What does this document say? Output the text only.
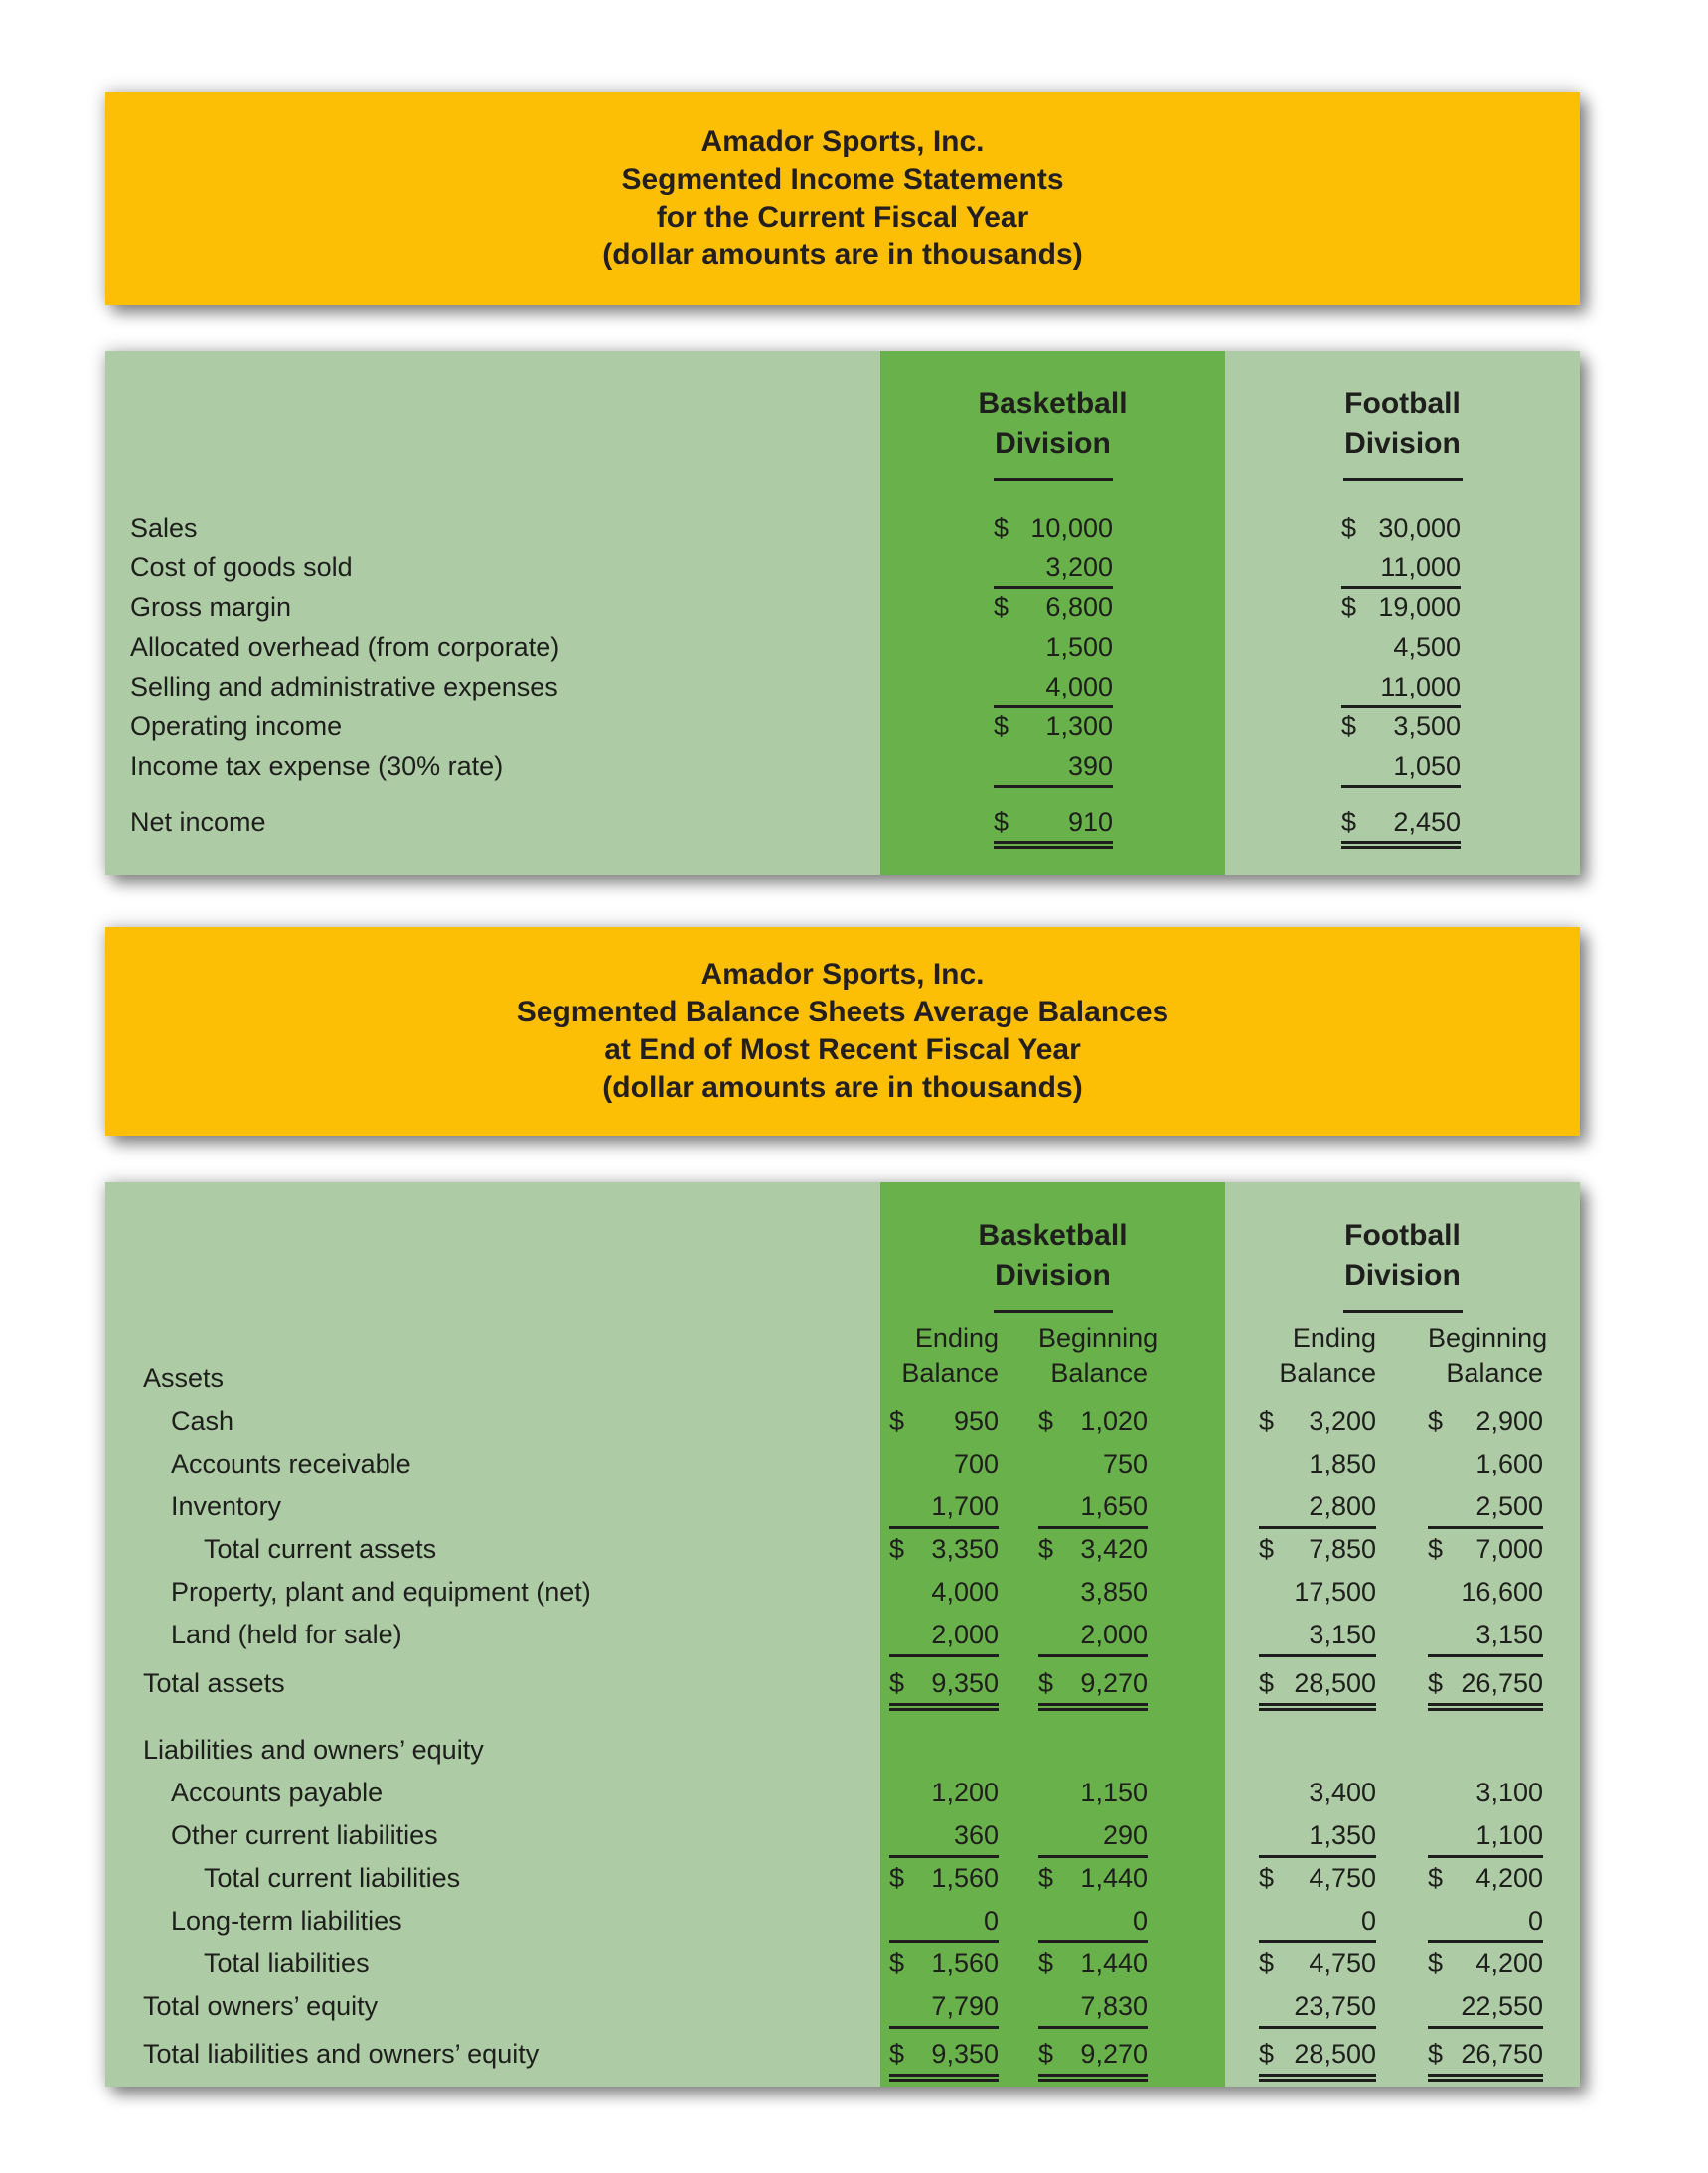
Amador Sports, Inc.
Segmented Income Statements
for the Current Fiscal Year
(dollar amounts are in thousands)
Basketball
Division
Football
Division
Sales	$ 10,000	$ 30,000
Cost of goods sold	3,200	11,000
Gross margin	$ 6,800	$ 19,000
Allocated overhead (from corporate)	1,500	4,500
Selling and administrative expenses	4,000	11,000
Operating income	$ 1,300	$ 3,500
Income tax expense (30% rate)	390	1,050
Net income	$ 910	$ 2,450
Amador Sports, Inc.
Segmented Balance Sheets Average Balances
at End of Most Recent Fiscal Year
(dollar amounts are in thousands)
Basketball
Division
Football
Division
Ending
Balance
Beginning
Balance
Ending
Balance
Beginning
Balance
Assets
Cash	$ 950 $ 1,020	$ 3,200 $ 2,900
Accounts receivable	700	750	1,850	1,600
Inventory	1,700	1,650	2,800	2,500
Total current assets	$ 3,350 $ 3,420	$ 7,850 $ 7,000
Property, plant and equipment (net)	4,000	3,850	17,500	16,600
Land (held for sale)	2,000	2,000	3,150	3,150
Total assets	$ 9,350 $ 9,270	$ 28,500 $ 26,750
Liabilities and owners’ equity
Accounts payable	1,200	1,150	3,400	3,100
Other current liabilities	360	290	1,350	1,100
Total current liabilities	$ 1,560 $ 1,440	$ 4,750 $ 4,200
Long-term liabilities	0	0	0	0
Total liabilities	$ 1,560 $ 1,440	$ 4,750 $ 4,200
Total owners’ equity	7,790	7,830	23,750	22,550
Total liabilities and owners’ equity	$ 9,350 $ 9,270	$ 28,500 $ 26,750
